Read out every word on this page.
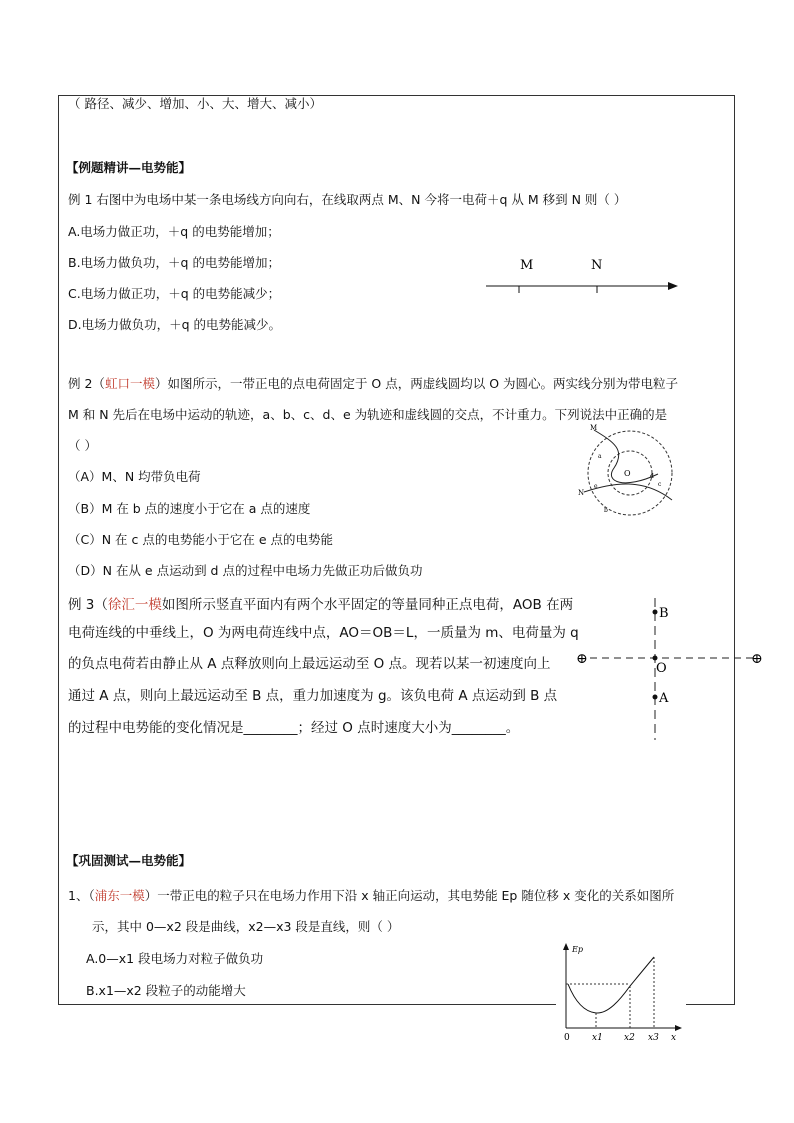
（ 路径、减少、增加、小、大、增大、减小）
【例题精讲—电势能】
例 1 右图中为电场中某一条电场线方向向右，在线取两点 M、N 今将一电荷＋q 从 M 移到 N 则（ ）
A.电场力做正功，＋q 的电势能增加；
B.电场力做负功，＋q 的电势能增加；
C.电场力做正功，＋q 的电势能减少；
D.电场力做负功，＋q 的电势能减少。
M	N
例 2（虹口一模）如图所示，一带正电的点电荷固定于 O 点，两虚线圆均以 O 为圆心。两实线分别为带电粒子
M 和 N 先后在电场中运动的轨迹，a、b、c、d、e 为轨迹和虚线圆的交点，不计重力。下列说法中正确的是
（ ）
（A）M、N 均带负电荷
（B）M 在 b 点的速度小于它在 a 点的速度
（C）N 在 c 点的电势能小于它在 e 点的电势能
（D）N 在从 e 点运动到 d 点的过程中电场力先做正功后做负功
O
M
N
a
b
c
d
e
例 3（徐汇一模如图所示竖直平面内有两个水平固定的等量同种正点电荷，AOB 在两
电荷连线的中垂线上，O 为两电荷连线中点，AO＝OB＝L，一质量为 m、电荷量为 q
的负点电荷若由静止从 A 点释放则向上最远运动至 O 点。现若以某一初速度向上
通过 A 点，则向上最远运动至 B 点，重力加速度为 g。该负电荷 A 点运动到 B 点
的过程中电势能的变化情况是________；经过 O 点时速度大小为________。
B
O
A
⊕	⊕
【巩固测试—电势能】
1、（浦东一模）一带正电的粒子只在电场力作用下沿 x 轴正向运动，其电势能 Ep 随位移 x 变化的关系如图所
示，其中 0—x2 段是曲线，x2—x3 段是直线，则（ ）
A.0—x1 段电场力对粒子做负功
B.x1—x2 段粒子的动能增大
Ep
0 x1 x2 x3 x
